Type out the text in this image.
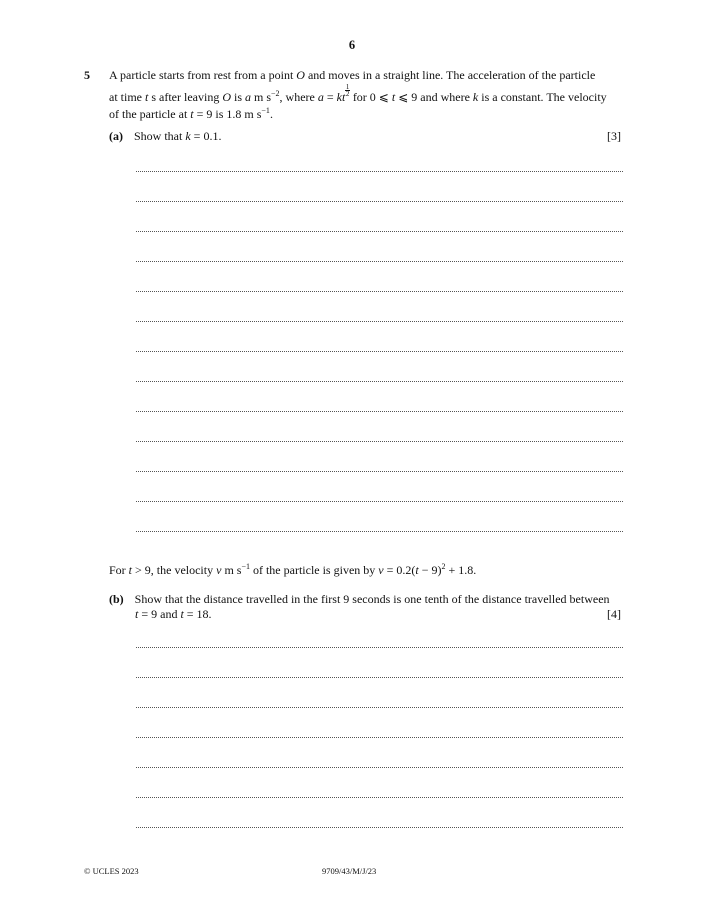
6
5 A particle starts from rest from a point O and moves in a straight line. The acceleration of the particle
at time t s after leaving O is a m $s^{-2}$, where a = kt $\frac{1}{2}$ for 0 ⩽ t ⩽ 9 and where k is a constant. The velocity
of the particle at t = 9 is 1.8 m $s^{-1}$.
(a) Show that k = 0.1.	[3]
For t > 9, the velocity v m $s^{-1}$ of the particle is given by $v = 0.2(t - 9)^2 + 1.8$.
(b) Show that the distance travelled in the first 9 seconds is one tenth of the distance travelled between
t = 9 and t = 18.	[4]
© UCLES 2023	9709/43/M/J/23
